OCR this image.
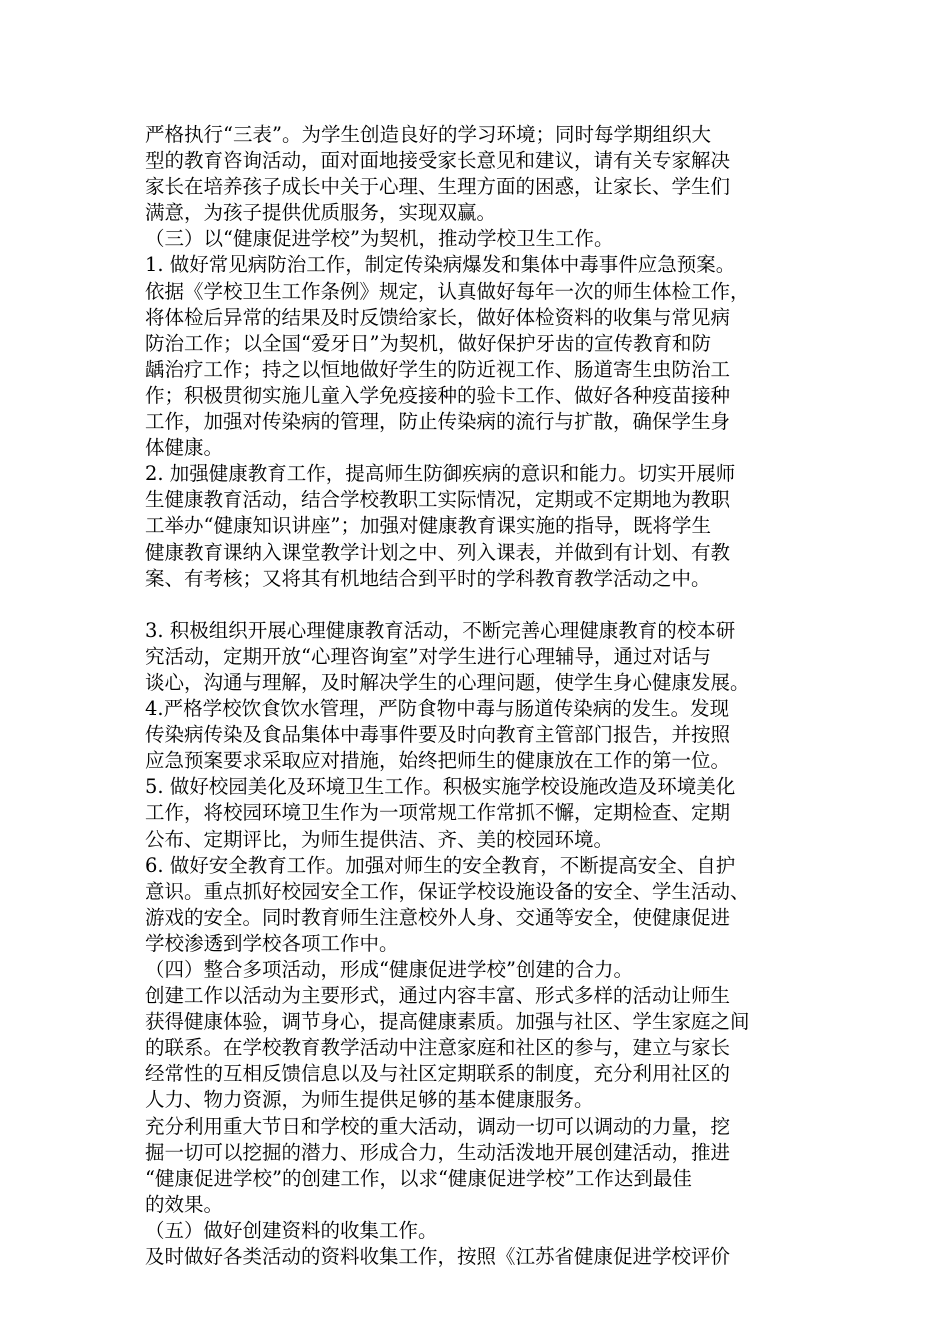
严格执行“三表”。为学生创造良好的学习环境；同时每学期组织大
型的教育咨询活动，面对面地接受家长意见和建议，请有关专家解决
家长在培养孩子成长中关于心理、生理方面的困惑，让家长、学生们
满意，为孩子提供优质服务，实现双赢。
（三）以“健康促进学校”为契机，推动学校卫生工作。
1. 做好常见病防治工作，制定传染病爆发和集体中毒事件应急预案。
依据《学校卫生工作条例》规定，认真做好每年一次的师生体检工作，
将体检后异常的结果及时反馈给家长，做好体检资料的收集与常见病
防治工作；以全国“爱牙日”为契机，做好保护牙齿的宣传教育和防
龋治疗工作；持之以恒地做好学生的防近视工作、肠道寄生虫防治工
作；积极贯彻实施儿童入学免疫接种的验卡工作、做好各种疫苗接种
工作，加强对传染病的管理，防止传染病的流行与扩散，确保学生身
体健康。
2. 加强健康教育工作，提高师生防御疾病的意识和能力。切实开展师
生健康教育活动，结合学校教职工实际情况，定期或不定期地为教职
工举办“健康知识讲座”；加强对健康教育课实施的指导，既将学生
健康教育课纳入课堂教学计划之中、列入课表，并做到有计划、有教
案、有考核；又将其有机地结合到平时的学科教育教学活动之中。
3. 积极组织开展心理健康教育活动，不断完善心理健康教育的校本研
究活动，定期开放“心理咨询室”对学生进行心理辅导，通过对话与
谈心，沟通与理解，及时解决学生的心理问题，使学生身心健康发展。
4.严格学校饮食饮水管理，严防食物中毒与肠道传染病的发生。发现
传染病传染及食品集体中毒事件要及时向教育主管部门报告，并按照
应急预案要求采取应对措施，始终把师生的健康放在工作的第一位。
5. 做好校园美化及环境卫生工作。积极实施学校设施改造及环境美化
工作，将校园环境卫生作为一项常规工作常抓不懈，定期检查、定期
公布、定期评比，为师生提供洁、齐、美的校园环境。
6. 做好安全教育工作。加强对师生的安全教育，不断提高安全、自护
意识。重点抓好校园安全工作，保证学校设施设备的安全、学生活动、
游戏的安全。同时教育师生注意校外人身、交通等安全，使健康促进
学校渗透到学校各项工作中。
（四）整合多项活动，形成“健康促进学校”创建的合力。
创建工作以活动为主要形式，通过内容丰富、形式多样的活动让师生
获得健康体验，调节身心，提高健康素质。加强与社区、学生家庭之间
的联系。在学校教育教学活动中注意家庭和社区的参与，建立与家长
经常性的互相反馈信息以及与社区定期联系的制度，充分利用社区的
人力、物力资源，为师生提供足够的基本健康服务。
充分利用重大节日和学校的重大活动，调动一切可以调动的力量，挖
掘一切可以挖掘的潜力、形成合力，生动活泼地开展创建活动，推进
“健康促进学校”的创建工作，以求“健康促进学校”工作达到最佳
的效果。
（五）做好创建资料的收集工作。
及时做好各类活动的资料收集工作，按照《江苏省健康促进学校评价
